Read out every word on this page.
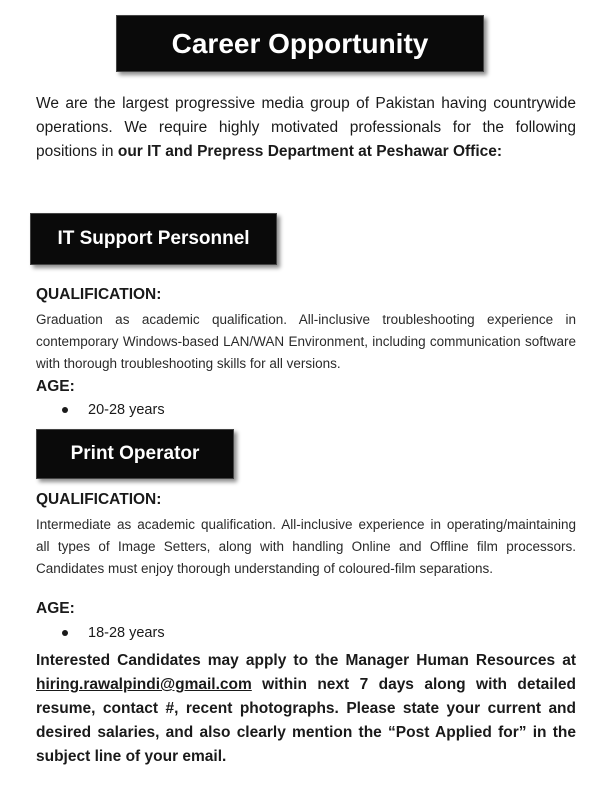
Career Opportunity
We are the largest progressive media group of Pakistan having countrywide operations. We require highly motivated professionals for the following positions in our IT and Prepress Department at Peshawar Office:
IT Support Personnel

QUALIFICATION:

Graduation as academic qualification. All-inclusive troubleshooting experience in contemporary Windows-based LAN/WAN Environment, including communication software with thorough troubleshooting skills for all versions.

AGE:

20-28 years
Print Operator

QUALIFICATION:

Intermediate as academic qualification. All-inclusive experience in operating/maintaining all types of Image Setters, along with handling Online and Offline film processors. Candidates must enjoy thorough understanding of coloured-film separations.

AGE:

18-28 years
Interested Candidates may apply to the Manager Human Resources at hiring.rawalpindi@gmail.com within next 7 days along with detailed resume, contact #, recent photographs. Please state your current and desired salaries, and also clearly mention the “Post Applied for” in the subject line of your email.
